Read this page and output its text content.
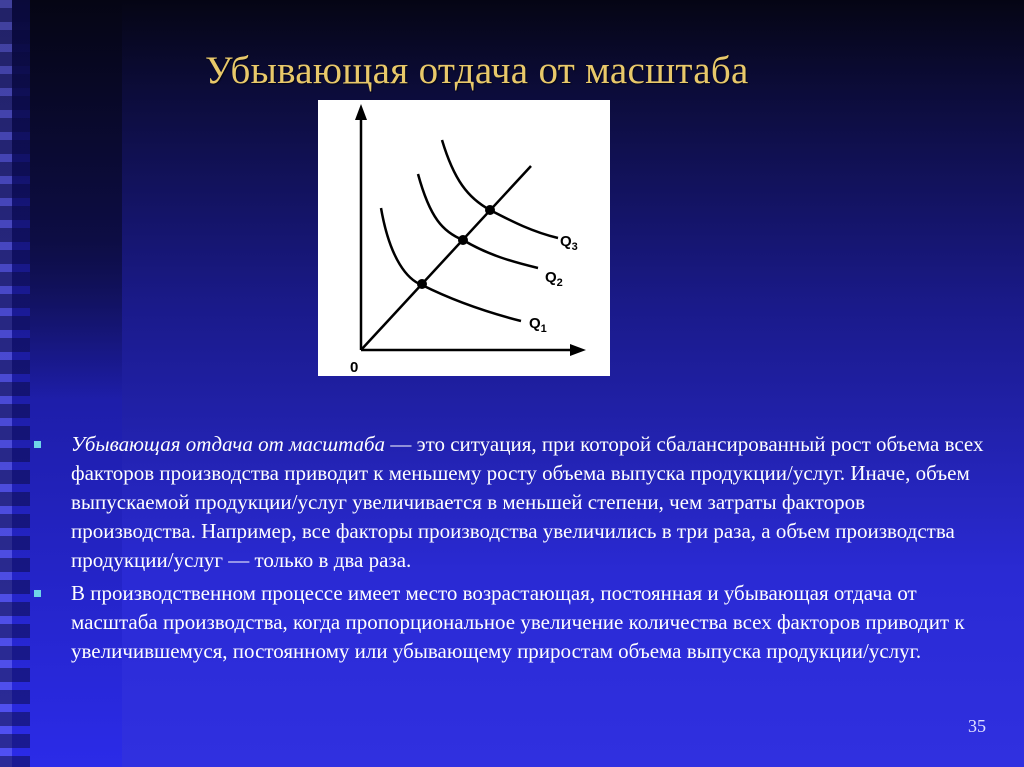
Убывающая отдача от масштаба
0
$Q_1$
$Q_2$
$Q_3$
Убывающая отдача от масштаба — это ситуация, при которой сбалансированный рост объема всех факторов производства приводит к меньшему росту объема выпуска продукции/услуг. Иначе, объем выпускаемой продукции/услуг увеличивается в меньшей степени, чем затраты факторов производства. Например, все факторы производства увеличились в три раза, а объем производства продукции/услуг — только в два раза.
В производственном процессе имеет место возрастающая, постоянная и убывающая отдача от масштаба производства, когда пропорциональное увеличение количества всех факторов приводит к увеличившемуся, постоянному или убывающему приростам объема выпуска продукции/услуг.
35
